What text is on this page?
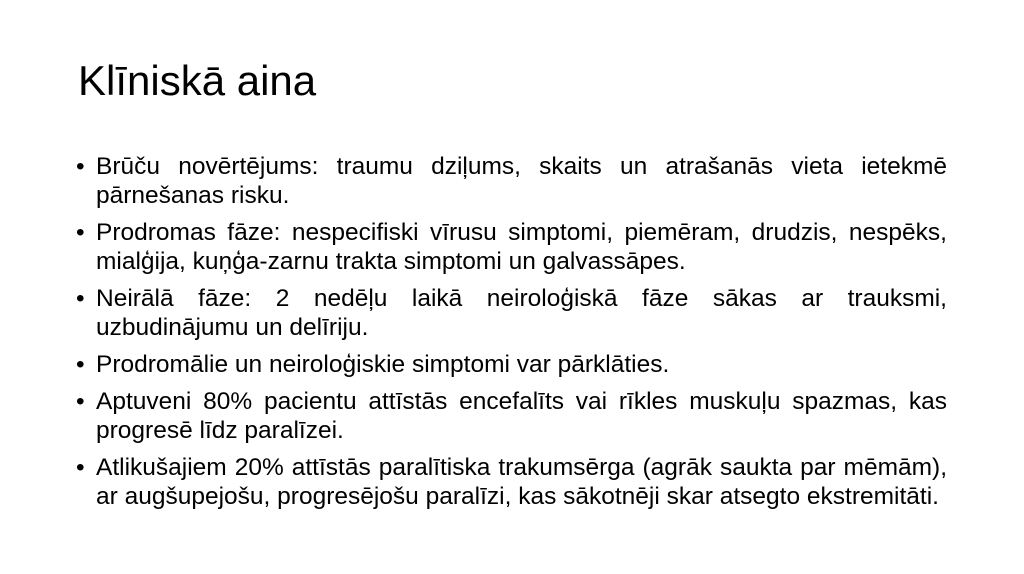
Klīniskā aina
• Brūču novērtējums: traumu dziļums, skaits un atrašanās vieta ietekmē pārnešanas risku.
• Prodromas fāze: nespecifiski vīrusu simptomi, piemēram, drudzis, nespēks, mialģija, kuņģa-zarnu trakta simptomi un galvassāpes.
• Neirālā fāze: 2 nedēļu laikā neiroloģiskā fāze sākas ar trauksmi, uzbudinājumu un delīriju.
• Prodromālie un neiroloģiskie simptomi var pārklāties.
• Aptuveni 80% pacientu attīstās encefalīts vai rīkles muskuļu spazmas, kas progresē līdz paralīzei.
• Atlikušajiem 20% attīstās paralītiska trakumsērga (agrāk saukta par mēmām), ar augšupejošu, progresējošu paralīzi, kas sākotnēji skar atsegto ekstremitāti.
